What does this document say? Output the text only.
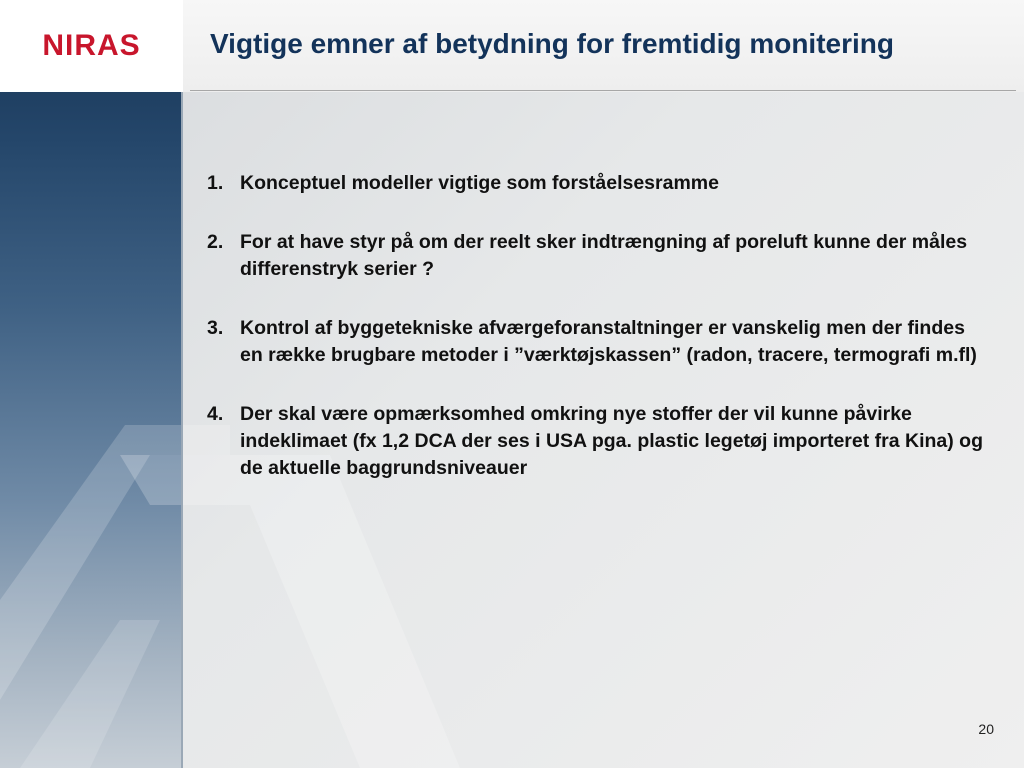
NIRAS Vigtige emner af betydning for fremtidig monitering
1. Konceptuel modeller vigtige som forståelsesramme
2. For at have styr på om der reelt sker indtrængning af poreluft kunne der måles differenstryk serier ?
3. Kontrol af byggetekniske afværgeforanstaltninger er vanskelig men der findes en række brugbare metoder i ”værktøjskassen” (radon, tracere, termografi m.fl)
4. Der skal være opmærksomhed omkring nye stoffer der vil kunne påvirke indeklimaet (fx 1,2 DCA der ses i USA pga. plastic legetøj importeret fra Kina) og de aktuelle baggrundsniveauer
20
